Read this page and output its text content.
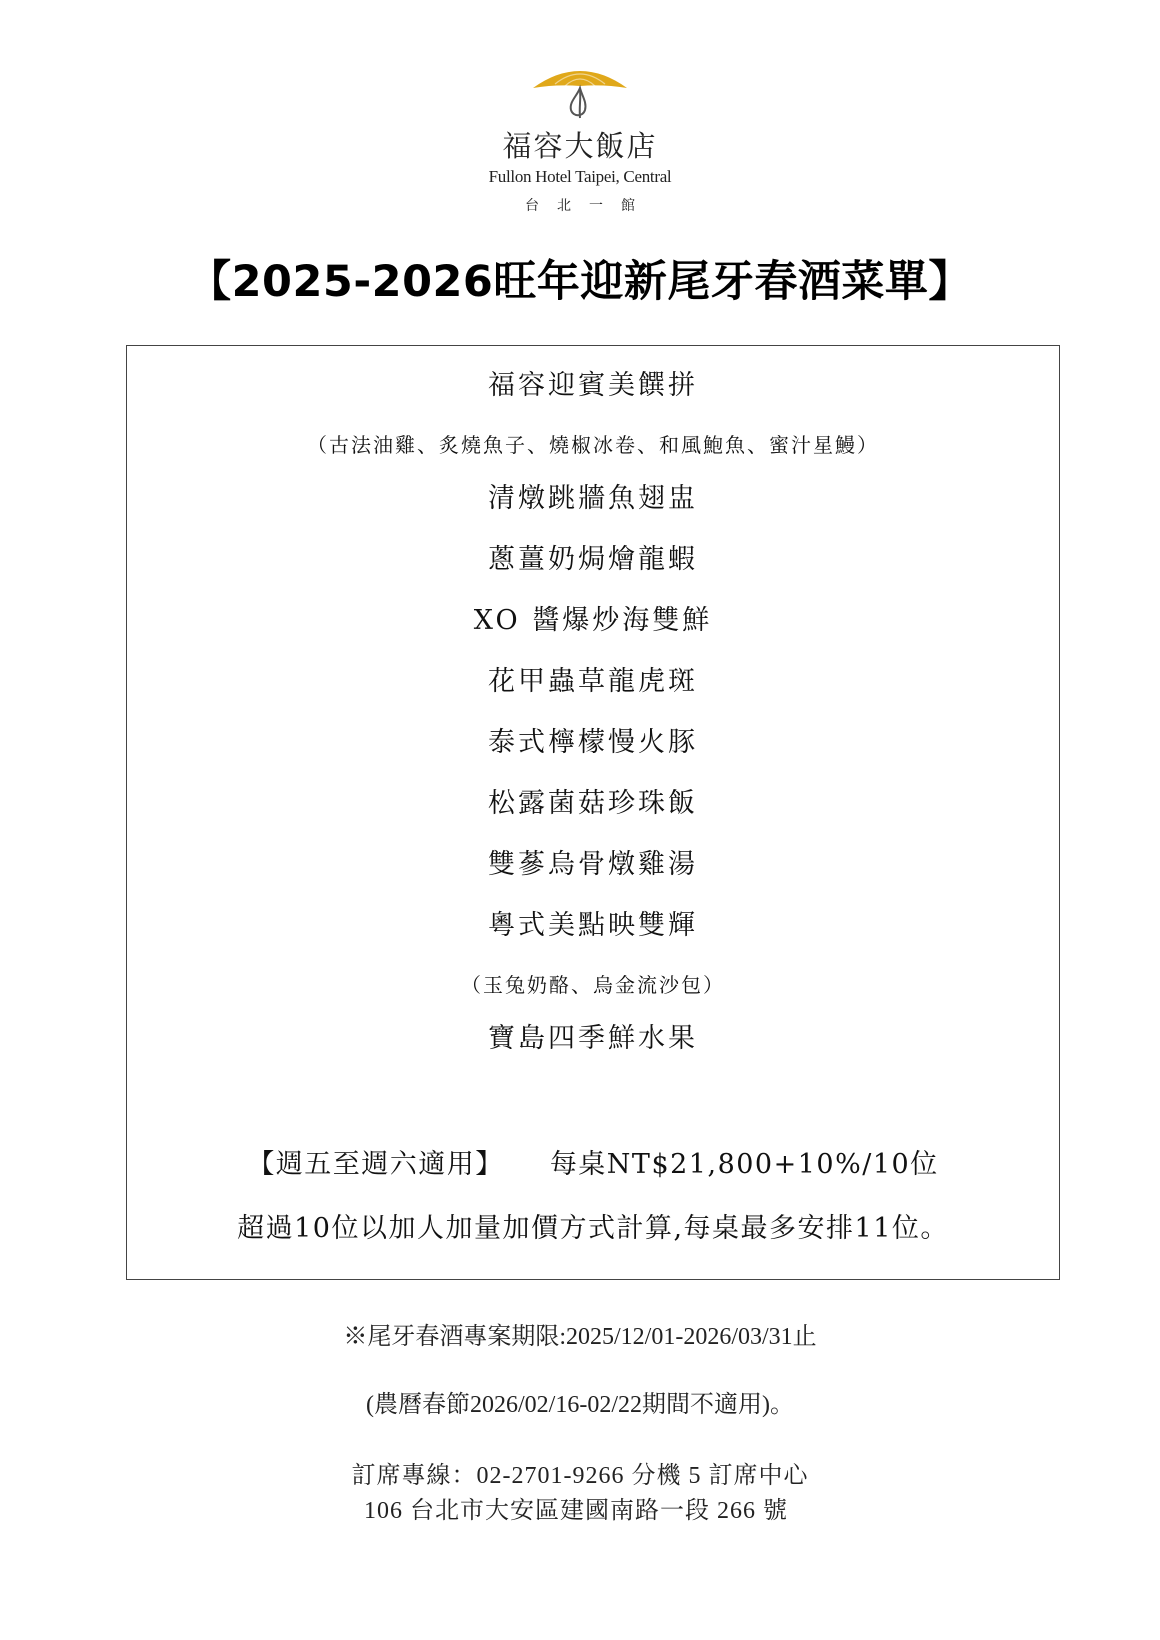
福容大飯店
Fullon Hotel Taipei, Central
台北一館
【2025-2026旺年迎新尾牙春酒菜單】
福容迎賓美饌拼
（古法油雞、炙燒魚子、燒椒冰卷、和風鮑魚、蜜汁星鰻）
清燉跳牆魚翅盅
蔥薑奶焗燴龍蝦
XO 醬爆炒海雙鮮
花甲蟲草龍虎斑
泰式檸檬慢火豚
松露菌菇珍珠飯
雙蔘烏骨燉雞湯
粵式美點映雙輝
（玉兔奶酪、烏金流沙包）
寶島四季鮮水果
【週五至週六適用】 每桌NT$21,800+10%/10位
超過10位以加人加量加價方式計算,每桌最多安排11位。
※尾牙春酒專案期限:2025/12/01-2026/03/31止
(農曆春節2026/02/16-02/22期間不適用)。
訂席專線：02-2701-9266 分機 5 訂席中心
106 台北市大安區建國南路一段 266 號
